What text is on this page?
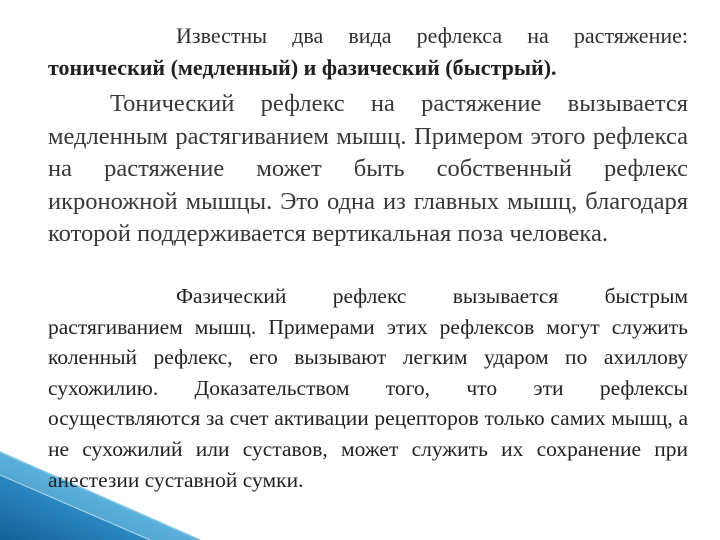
Известны два вида рефлекса на растяжение: тонический (медленный) и фазический (быстрый).

Тонический рефлекс на растяжение вызывается медленным растягиванием мышц. Примером этого рефлекса на растяжение может быть собственный рефлекс икроножной мышцы. Это одна из главных мышц, благодаря которой поддерживается вертикальная поза человека.

Фазический рефлекс вызывается быстрым растягиванием мышц. Примерами этих рефлексов могут служить коленный рефлекс, его вызывают легким ударом по ахиллову сухожилию. Доказательством того, что эти рефлексы осуществляются за счет активации рецепторов только самих мышц, а не сухожилий или суставов, может служить их сохранение при анестезии суставной сумки.
